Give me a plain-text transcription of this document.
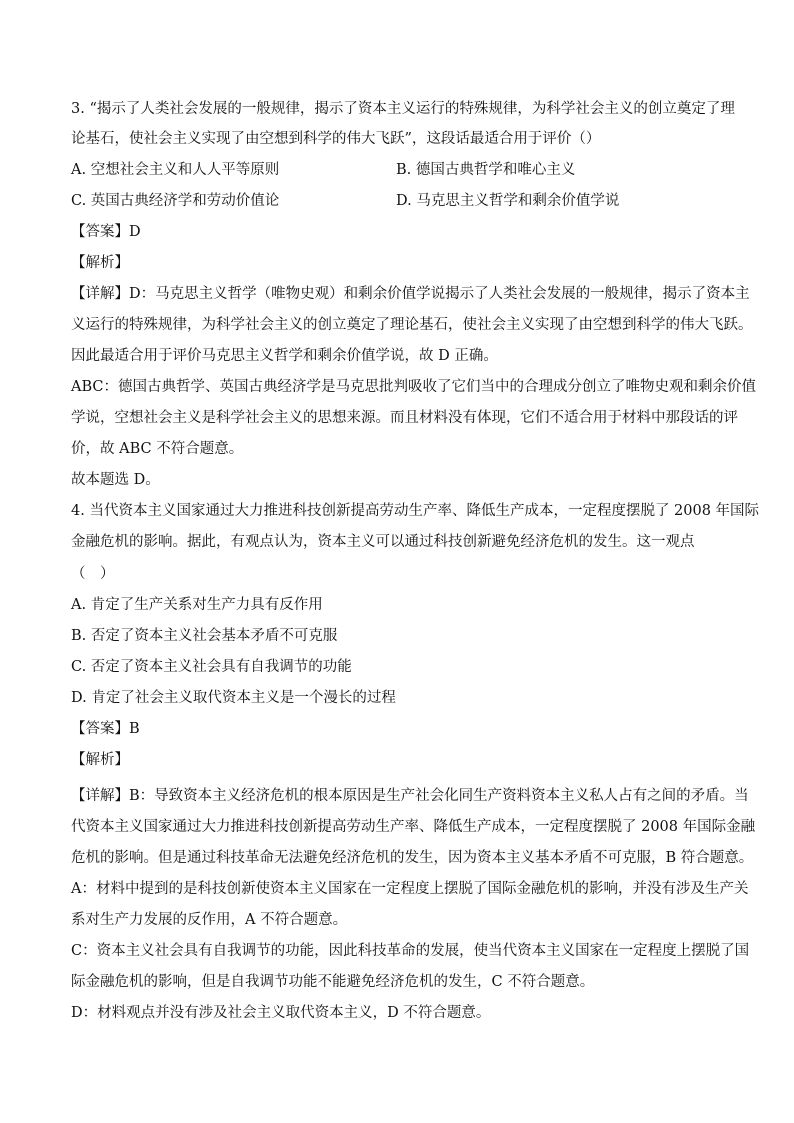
3. “揭示了人类社会发展的一般规律，揭示了资本主义运行的特殊规律，为科学社会主义的创立奠定了理
论基石，使社会主义实现了由空想到科学的伟大飞跃”，这段话最适合用于评价（）
A. 空想社会主义和人人平等原则	B. 德国古典哲学和唯心主义
C. 英国古典经济学和劳动价值论	D. 马克思主义哲学和剩余价值学说
【答案】D
【解析】
【详解】D：马克思主义哲学（唯物史观）和剩余价值学说揭示了人类社会发展的一般规律，揭示了资本主
义运行的特殊规律，为科学社会主义的创立奠定了理论基石，使社会主义实现了由空想到科学的伟大飞跃。
因此最适合用于评价马克思主义哲学和剩余价值学说，故 D 正确。
ABC：德国古典哲学、英国古典经济学是马克思批判吸收了它们当中的合理成分创立了唯物史观和剩余价值
学说，空想社会主义是科学社会主义的思想来源。而且材料没有体现，它们不适合用于材料中那段话的评
价，故 ABC 不符合题意。
故本题选 D。
4. 当代资本主义国家通过大力推进科技创新提高劳动生产率、降低生产成本，一定程度摆脱了 2008 年国际
金融危机的影响。据此，有观点认为，资本主义可以通过科技创新避免经济危机的发生。这一观点
（　）
A. 肯定了生产关系对生产力具有反作用
B. 否定了资本主义社会基本矛盾不可克服
C. 否定了资本主义社会具有自我调节的功能
D. 肯定了社会主义取代资本主义是一个漫长的过程
【答案】B
【解析】
【详解】B：导致资本主义经济危机的根本原因是生产社会化同生产资料资本主义私人占有之间的矛盾。当
代资本主义国家通过大力推进科技创新提高劳动生产率、降低生产成本，一定程度摆脱了 2008 年国际金融
危机的影响。但是通过科技革命无法避免经济危机的发生，因为资本主义基本矛盾不可克服，B 符合题意。
A：材料中提到的是科技创新使资本主义国家在一定程度上摆脱了国际金融危机的影响，并没有涉及生产关
系对生产力发展的反作用，A 不符合题意。
C：资本主义社会具有自我调节的功能，因此科技革命的发展，使当代资本主义国家在一定程度上摆脱了国
际金融危机的影响，但是自我调节功能不能避免经济危机的发生，C 不符合题意。
D：材料观点并没有涉及社会主义取代资本主义，D 不符合题意。
